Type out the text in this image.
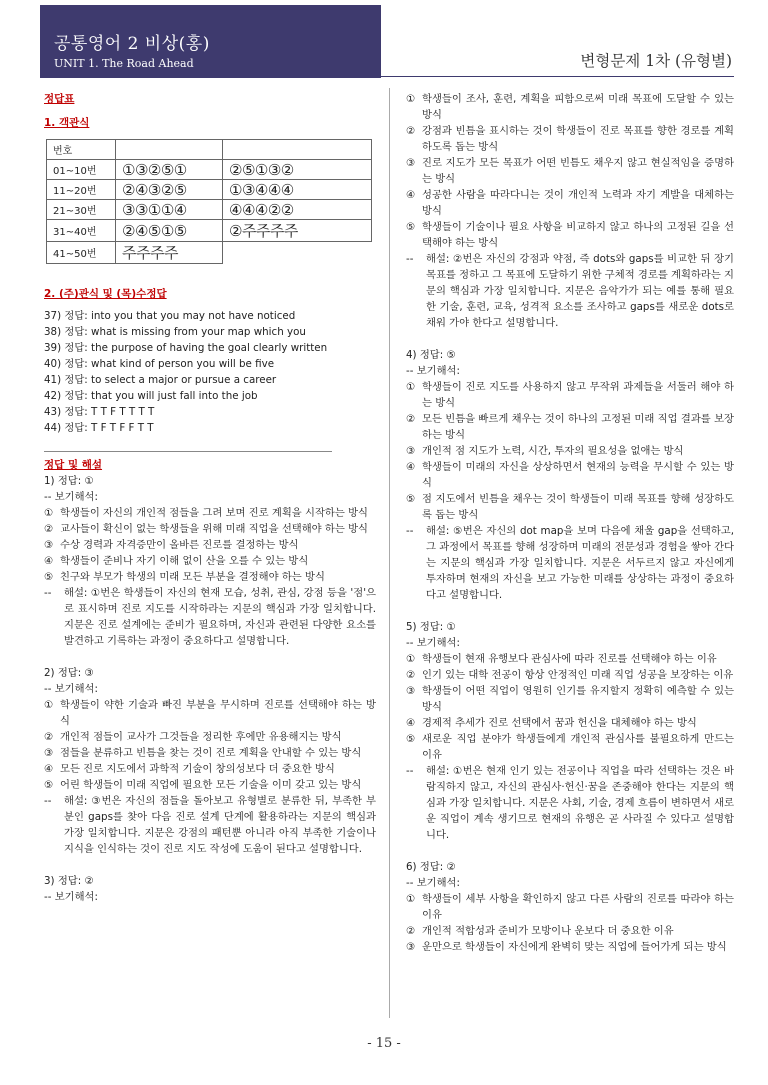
공통영어 2 비상(홍)
UNIT 1. The Road Ahead	변형문제 1차 (유형별)
정답표
1. 객관식
번호		
01~10번	①③②⑤①	②⑤①③②
11~20번	②④③②⑤	①③④④④
21~30번	③③①①④	④④④②②
31~40번	②④⑤①⑤	②주주주주
41~50번	주주주주	
2. (주)관식 및 (목)수정답
37) 정답: into you that you may not have noticed
38) 정답: what is missing from your map which you
39) 정답: the purpose of having the goal clearly written
40) 정답: what kind of person you will be five
41) 정답: to select a major or pursue a career
42) 정답: that you will just fall into the job
43) 정답: T T F T T T T
44) 정답: T F T F F T T
정답 및 해설
1) 정답: ①
-- 보기해석:
① 학생들이 자신의 개인적 점들을 그려 보며 진로 계획을 시작하는 방식
② 교사들이 확신이 없는 학생들을 위해 미래 직업을 선택해야 하는 방식
③ 수상 경력과 자격증만이 올바른 진로를 결정하는 방식
④ 학생들이 준비나 자기 이해 없이 산을 오를 수 있는 방식
⑤ 친구와 부모가 학생의 미래 모든 부분을 결정해야 하는 방식
--	해설: ①번은 학생들이 자신의 현재 모습, 성취, 관심, 강점 등을 '점'으로 표시하며 진로 지도를 시작하라는 지문의 핵심과 가장 일치합니다. 지문은 진로 설계에는 준비가 필요하며, 자신과 관련된 다양한 요소를 발견하고 기록하는 과정이 중요하다고 설명합니다.
2) 정답: ③
-- 보기해석:
① 학생들이 약한 기술과 빠진 부분을 무시하며 진로를 선택해야 하는 방식
② 개인적 점들이 교사가 그것들을 정리한 후에만 유용해지는 방식
③ 점들을 분류하고 빈틈을 찾는 것이 진로 계획을 안내할 수 있는 방식
④ 모든 진로 지도에서 과학적 기술이 창의성보다 더 중요한 방식
⑤ 어린 학생들이 미래 직업에 필요한 모든 기술을 이미 갖고 있는 방식
--	해설: ③번은 자신의 점들을 돌아보고 유형별로 분류한 뒤, 부족한 부분인 gaps를 찾아 다음 진로 설계 단계에 활용하라는 지문의 핵심과 가장 일치합니다. 지문은 강점의 패턴뿐 아니라 아직 부족한 기술이나 지식을 인식하는 것이 진로 지도 작성에 도움이 된다고 설명합니다.
3) 정답: ②
-- 보기해석:
① 학생들이 조사, 훈련, 계획을 피함으로써 미래 목표에 도달할 수 있는 방식
② 강점과 빈틈을 표시하는 것이 학생들이 진로 목표를 향한 경로를 계획하도록 돕는 방식
③ 진로 지도가 모든 목표가 어떤 빈틈도 채우지 않고 현실적임을 증명하는 방식
④ 성공한 사람을 따라다니는 것이 개인적 노력과 자기 계발을 대체하는 방식
⑤ 학생들이 기술이나 필요 사항을 비교하지 않고 하나의 고정된 길을 선택해야 하는 방식
--	해설: ②번은 자신의 강점과 약점, 즉 dots와 gaps를 비교한 뒤 장기 목표를 정하고 그 목표에 도달하기 위한 구체적 경로를 계획하라는 지문의 핵심과 가장 일치합니다. 지문은 음악가가 되는 예를 통해 필요한 기술, 훈련, 교육, 성격적 요소를 조사하고 gaps를 새로운 dots로 채워 가야 한다고 설명합니다.
4) 정답: ⑤
-- 보기해석:
① 학생들이 진로 지도를 사용하지 않고 무작위 과제들을 서둘러 해야 하는 방식
② 모든 빈틈을 빠르게 채우는 것이 하나의 고정된 미래 직업 결과를 보장하는 방식
③ 개인적 점 지도가 노력, 시간, 투자의 필요성을 없애는 방식
④ 학생들이 미래의 자신을 상상하면서 현재의 능력을 무시할 수 있는 방식
⑤ 점 지도에서 빈틈을 채우는 것이 학생들이 미래 목표를 향해 성장하도록 돕는 방식
--	해설: ⑤번은 자신의 dot map을 보며 다음에 채울 gap을 선택하고, 그 과정에서 목표를 향해 성장하며 미래의 전문성과 경험을 쌓아 간다는 지문의 핵심과 가장 일치합니다. 지문은 서두르지 않고 자신에게 투자하며 현재의 자신을 보고 가능한 미래를 상상하는 과정이 중요하다고 설명합니다.
5) 정답: ①
-- 보기해석:
① 학생들이 현재 유행보다 관심사에 따라 진로를 선택해야 하는 이유
② 인기 있는 대학 전공이 항상 안정적인 미래 직업 성공을 보장하는 이유
③ 학생들이 어떤 직업이 영원히 인기를 유지할지 정확히 예측할 수 있는 방식
④ 경제적 추세가 진로 선택에서 꿈과 헌신을 대체해야 하는 방식
⑤ 새로운 직업 분야가 학생들에게 개인적 관심사를 불필요하게 만드는 이유
--	해설: ①번은 현재 인기 있는 전공이나 직업을 따라 선택하는 것은 바람직하지 않고, 자신의 관심사·헌신·꿈을 존중해야 한다는 지문의 핵심과 가장 일치합니다. 지문은 사회, 기술, 경제 흐름이 변하면서 새로운 직업이 계속 생기므로 현재의 유행은 곧 사라질 수 있다고 설명합니다.
6) 정답: ②
-- 보기해석:
① 학생들이 세부 사항을 확인하지 않고 다른 사람의 진로를 따라야 하는 이유
② 개인적 적합성과 준비가 모방이나 운보다 더 중요한 이유
③ 운만으로 학생들이 자신에게 완벽히 맞는 직업에 들어가게 되는 방식
- 15 -
